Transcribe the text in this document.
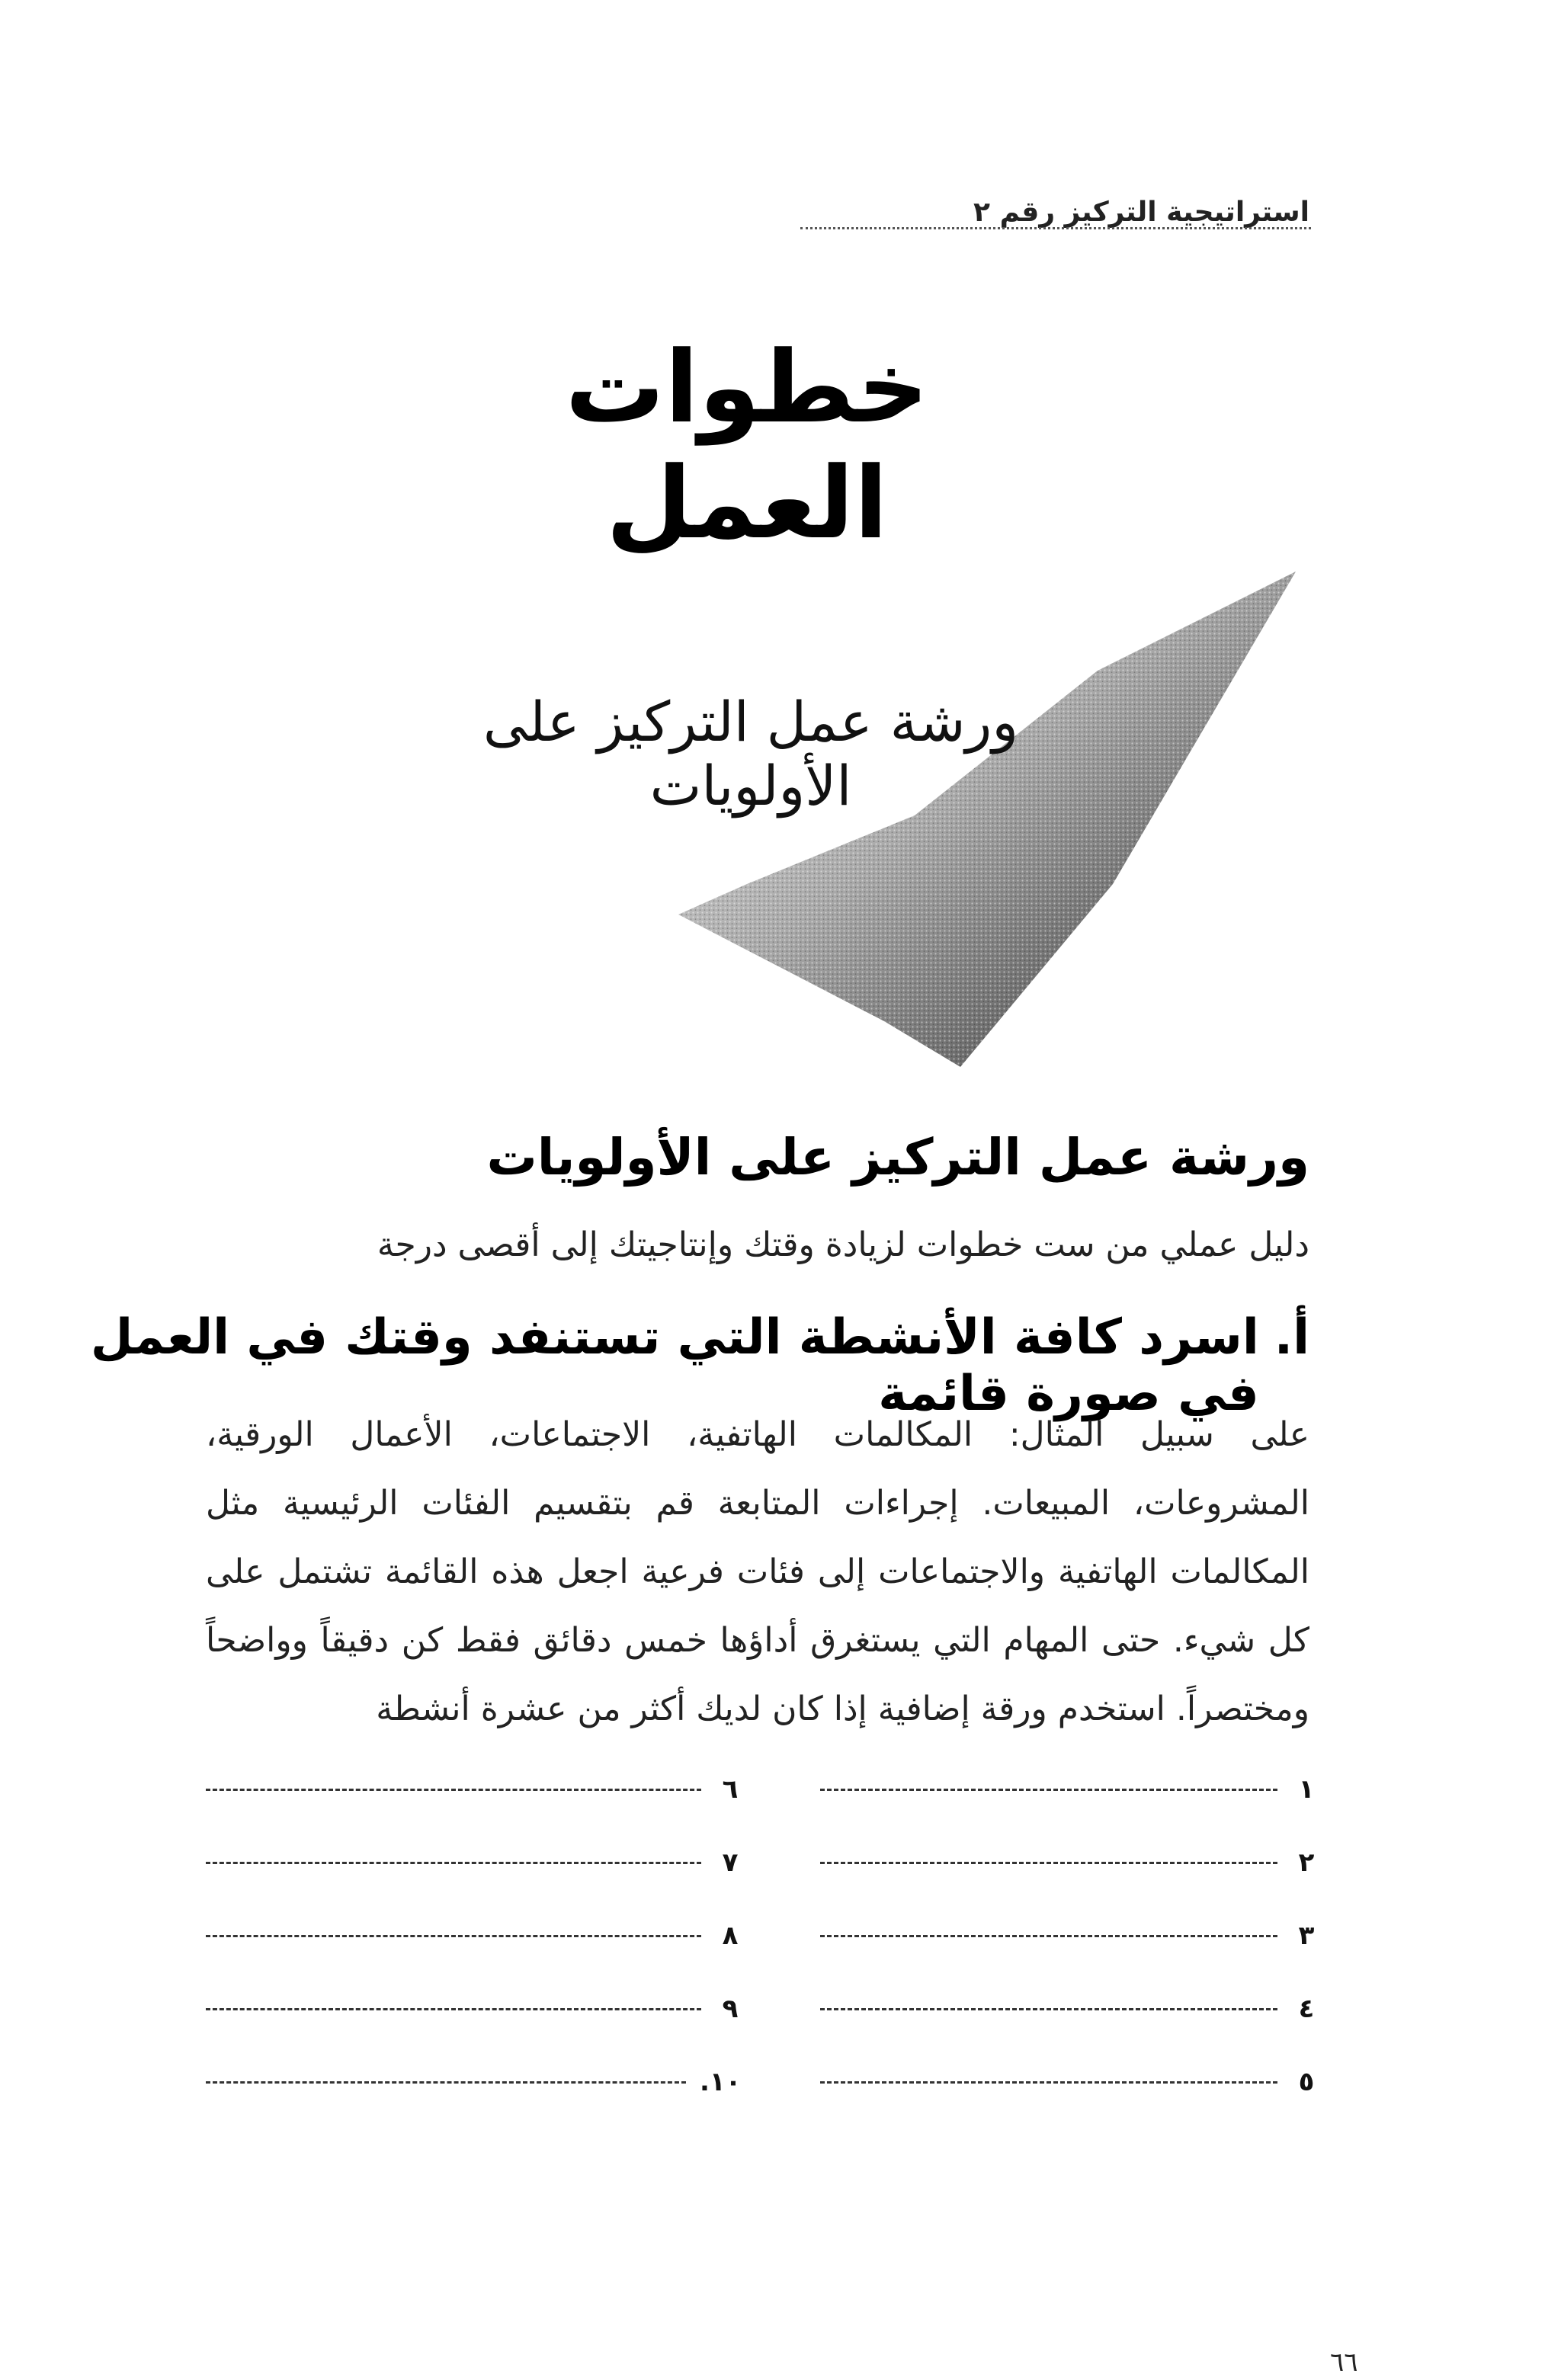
استراتيجية التركيز رقم ٢
خطوات العمل
ورشة عمل التركيز على الأولويات
ورشة عمل التركيز على الأولويات
دليل عملي من ست خطوات لزيادة وقتك وإنتاجيتك إلى أقصى درجة
أ.
اسرد كافة الأنشطة التي تستنفد وقتك في العمل في صورة قائمة
على سبيل المثال: المكالمات الهاتفية، الاجتماعات، الأعمال الورقية، المشروعات، المبيعات. إجراءات المتابعة قم بتقسيم الفئات الرئيسية مثل المكالمات الهاتفية والاجتماعات إلى فئات فرعية اجعل هذه القائمة تشتمل على كل شيء. حتى المهام التي يستغرق أداؤها خمس دقائق فقط كن دقيقاً وواضحاً ومختصراً. استخدم ورقة إضافية إذا كان لديك أكثر من عشرة أنشطة
١
٢
٣
٤
٥
٦
٧
٨
٩
.١٠
٦٦
